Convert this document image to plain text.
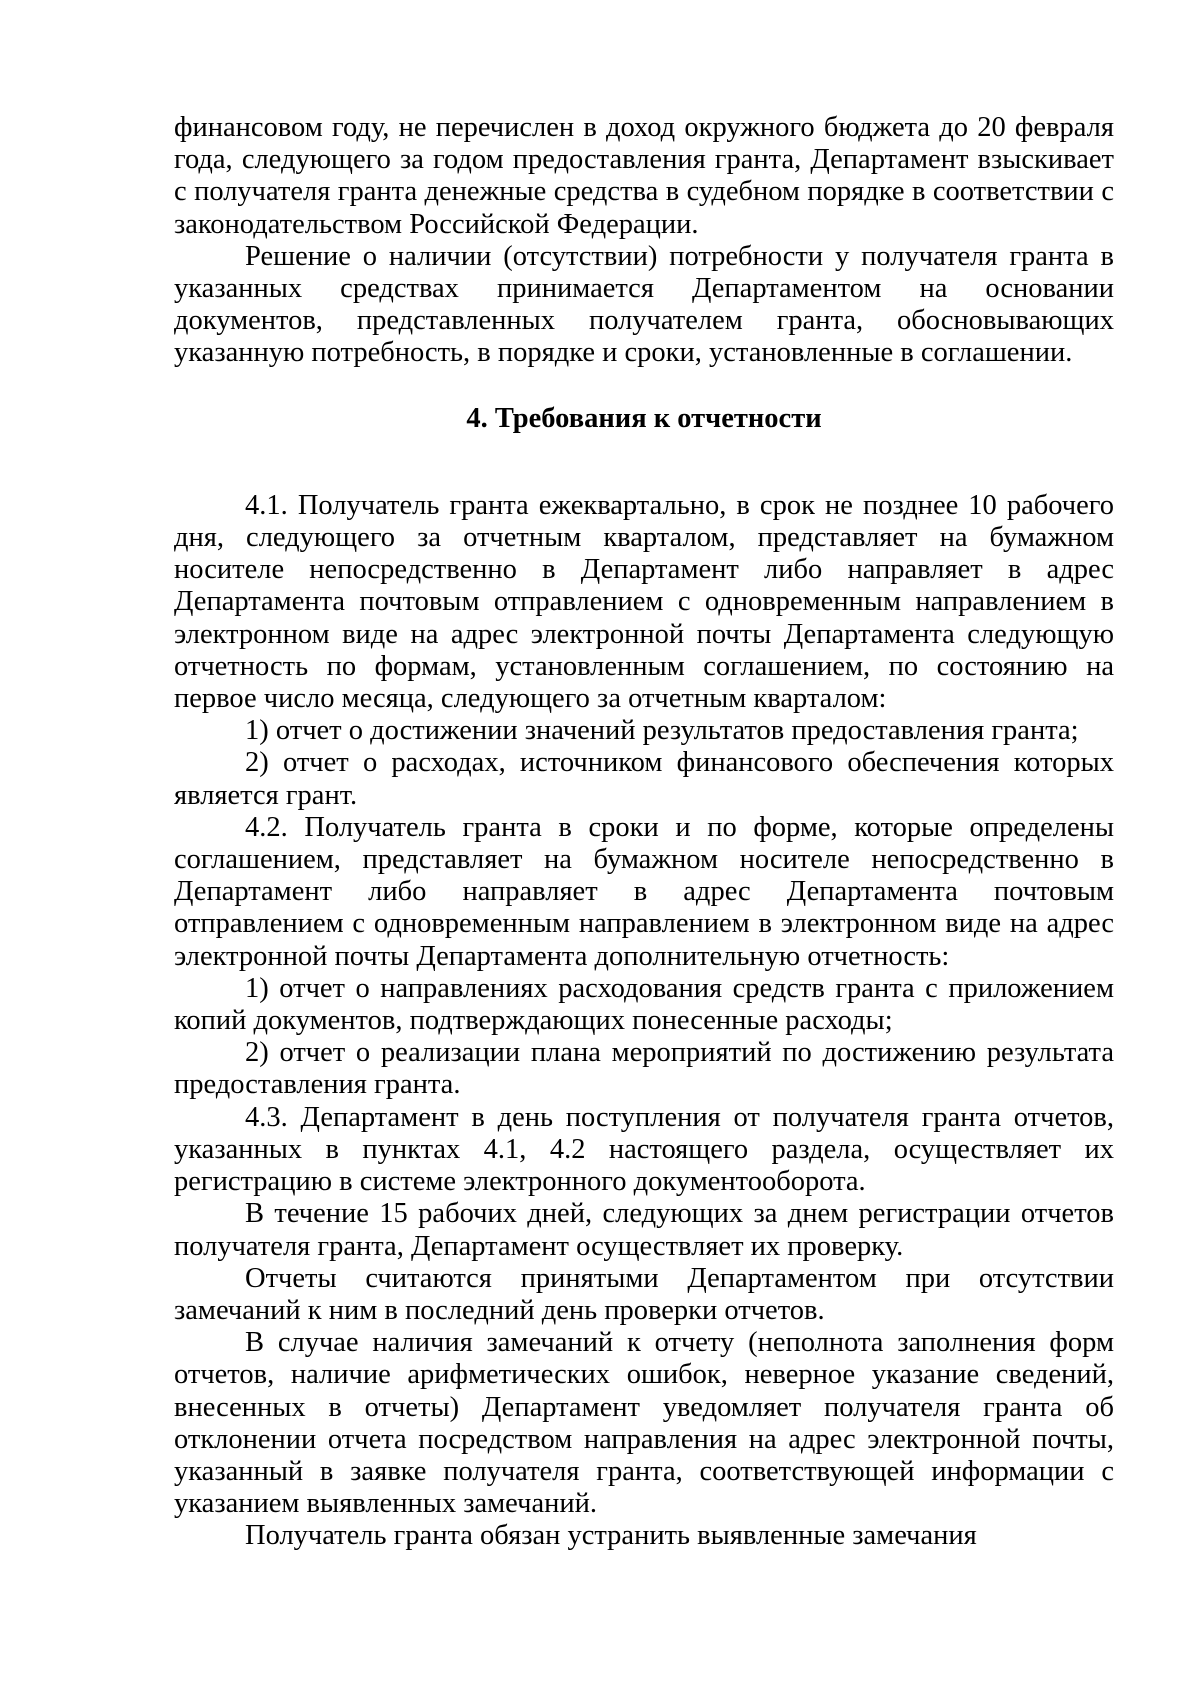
финансовом году, не перечислен в доход окружного бюджета до 20 февраля года, следующего за годом предоставления гранта, Департамент взыскивает с получателя гранта денежные средства в судебном порядке в соответствии с законодательством Российской Федерации.

Решение о наличии (отсутствии) потребности у получателя гранта в указанных средствах принимается Департаментом на основании документов, представленных получателем гранта, обосновывающих указанную потребность, в порядке и сроки, установленные в соглашении.

4. Требования к отчетности

4.1. Получатель гранта ежеквартально, в срок не позднее 10 рабочего дня, следующего за отчетным кварталом, представляет на бумажном носителе непосредственно в Департамент либо направляет в адрес Департамента почтовым отправлением с одновременным направлением в электронном виде на адрес электронной почты Департамента следующую отчетность по формам, установленным соглашением, по состоянию на первое число месяца, следующего за отчетным кварталом:

1) отчет о достижении значений результатов предоставления гранта;

2) отчет о расходах, источником финансового обеспечения которых является грант.

4.2. Получатель гранта в сроки и по форме, которые определены соглашением, представляет на бумажном носителе непосредственно в Департамент либо направляет в адрес Департамента почтовым отправлением с одновременным направлением в электронном виде на адрес электронной почты Департамента дополнительную отчетность:

1) отчет о направлениях расходования средств гранта с приложением копий документов, подтверждающих понесенные расходы;

2) отчет о реализации плана мероприятий по достижению результата предоставления гранта.

4.3. Департамент в день поступления от получателя гранта отчетов, указанных в пунктах 4.1, 4.2 настоящего раздела, осуществляет их регистрацию в системе электронного документооборота.

В течение 15 рабочих дней, следующих за днем регистрации отчетов получателя гранта, Департамент осуществляет их проверку.

Отчеты считаются принятыми Департаментом при отсутствии замечаний к ним в последний день проверки отчетов.

В случае наличия замечаний к отчету (неполнота заполнения форм отчетов, наличие арифметических ошибок, неверное указание сведений, внесенных в отчеты) Департамент уведомляет получателя гранта об отклонении отчета посредством направления на адрес электронной почты, указанный в заявке получателя гранта, соответствующей информации с указанием выявленных замечаний.

Получатель гранта обязан устранить выявленные замечания
